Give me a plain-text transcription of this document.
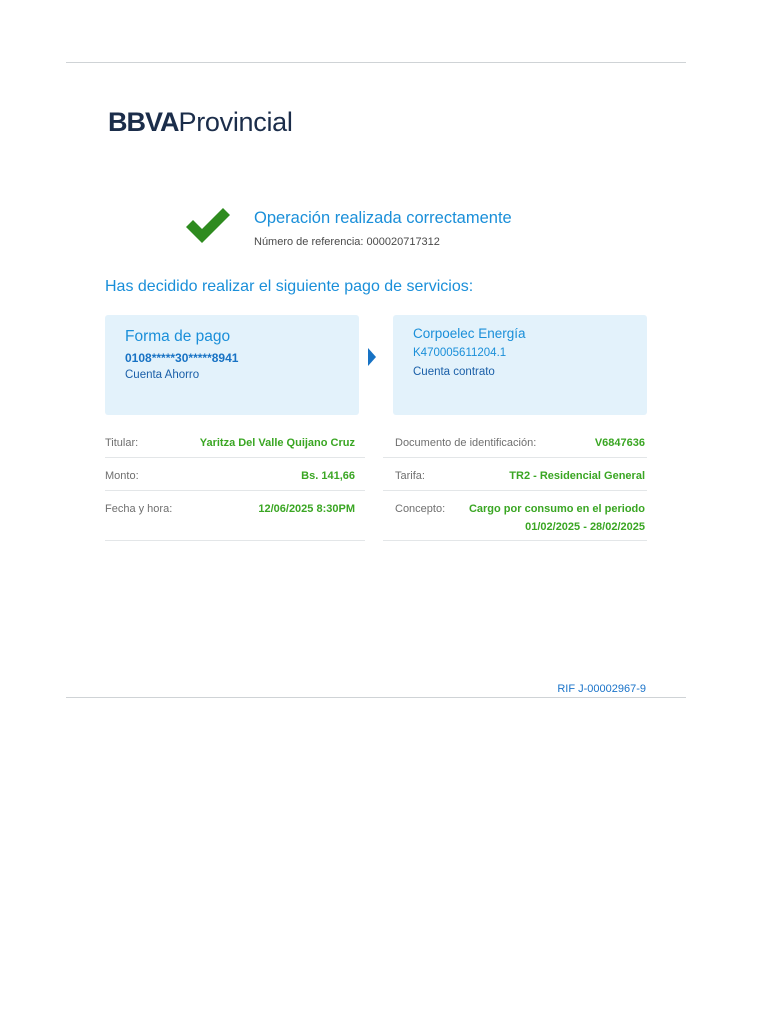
BBVAProvincial
Operación realizada correctamente
Número de referencia: 000020717312
Has decidido realizar el siguiente pago de servicios:
Forma de pago
0108*****30*****8941
Cuenta Ahorro
Corpoelec Energía
K470005611204.1
Cuenta contrato
Titular:	Yaritza Del Valle Quijano Cruz
Monto:	Bs. 141,66
Fecha y hora:	12/06/2025 8:30PM
Documento de identificación:	V6847636
Tarifa:	TR2 - Residencial General
Concepto: Cargo por consumo en el periodo
01/02/2025 - 28/02/2025
RIF J-00002967-9
